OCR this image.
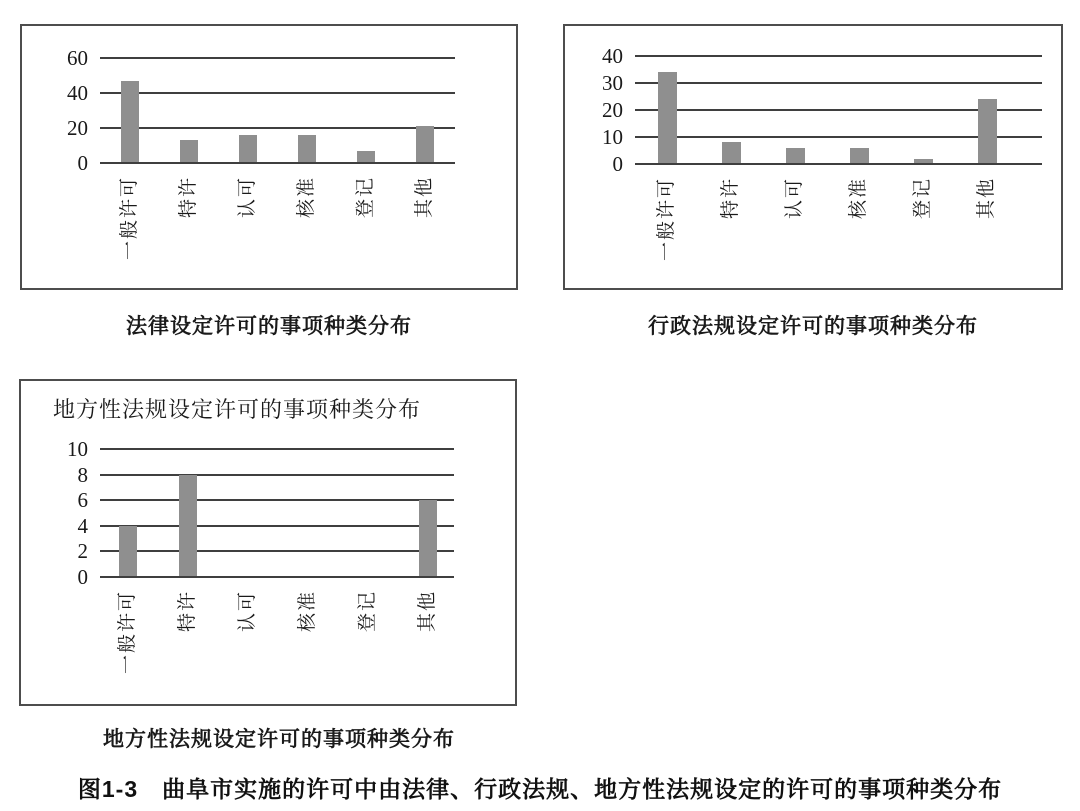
0
20
40
60
一般许可 特许 认可 核准 登记 其他
0
10
20
30
40
一般许可 特许 认可 核准 登记 其他
法律设定许可的事项种类分布	行政法规设定许可的事项种类分布
地方性法规设定许可的事项种类分布
0
2
4
6
8
10
一般许可 特许 认可 核准 登记 其他
地方性法规设定许可的事项种类分布
图1-3　曲阜市实施的许可中由法律、行政法规、地方性法规设定的许可的事项种类分布
